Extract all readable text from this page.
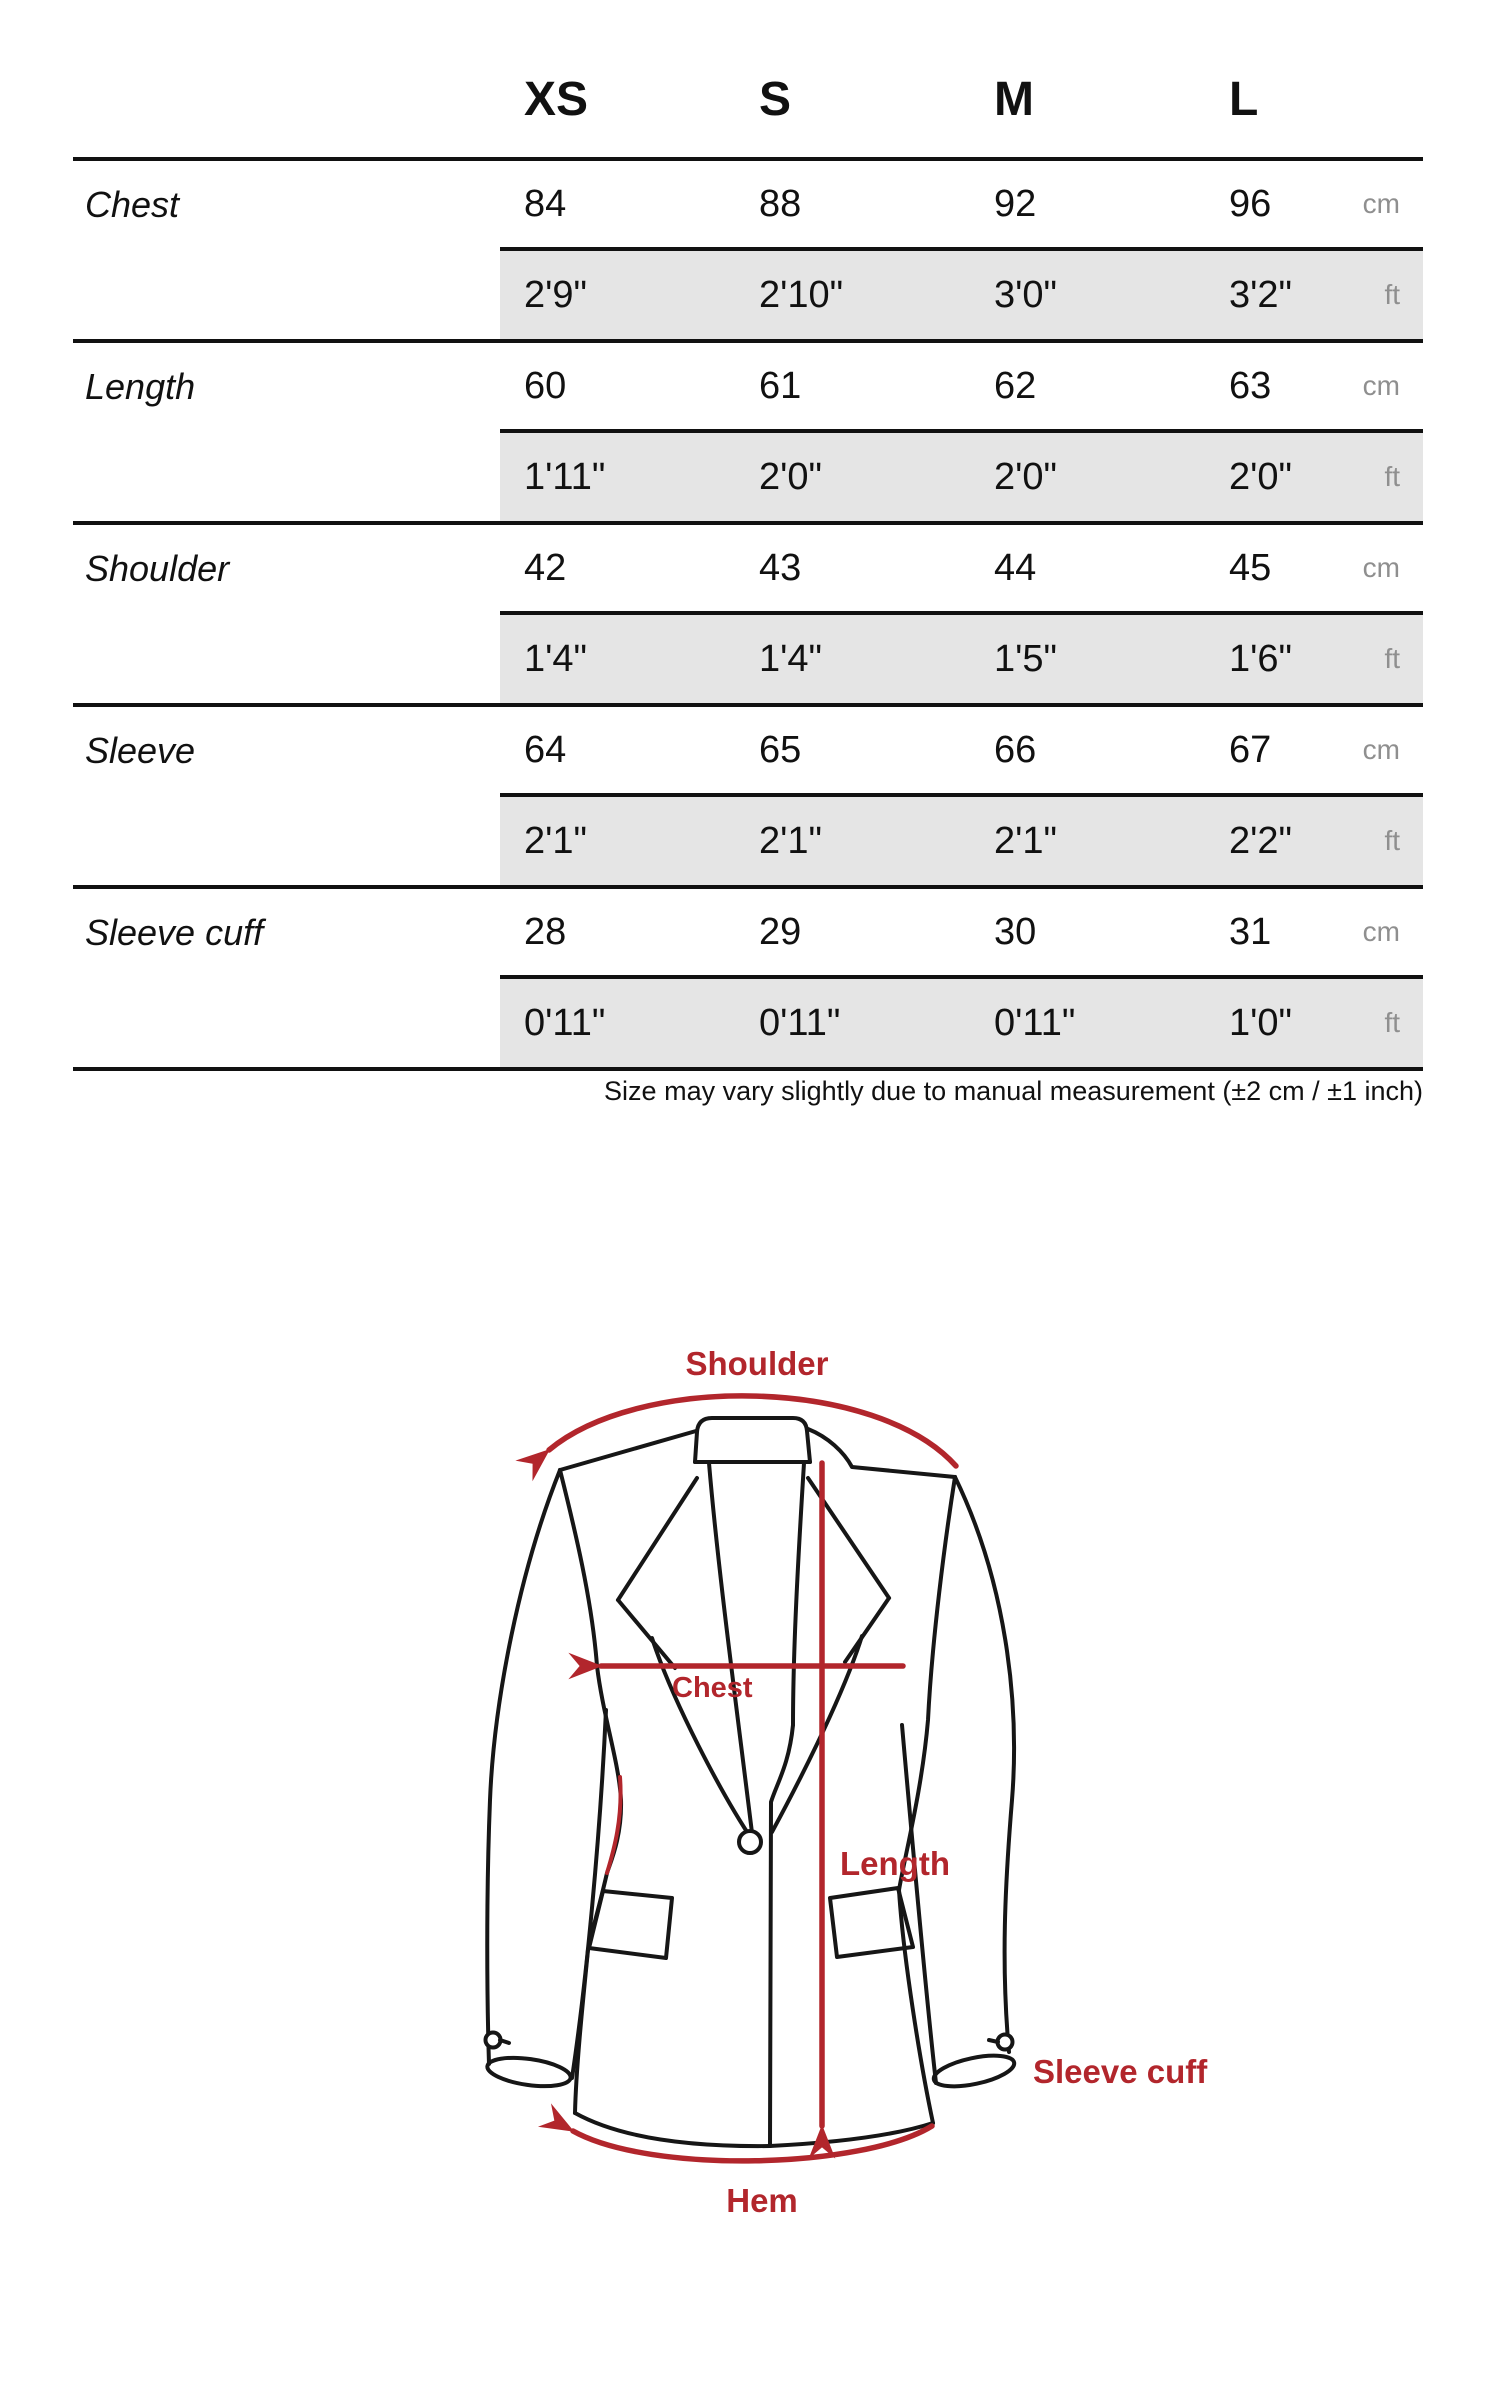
	XS	S	M	L	
Chest	84	88	92	96	cm
	2'9"	2'10"	3'0"	3'2"	ft
Length	60	61	62	63	cm
	1'11"	2'0"	2'0"	2'0"	ft
Shoulder	42	43	44	45	cm
	1'4"	1'4"	1'5"	1'6"	ft
Sleeve	64	65	66	67	cm
	2'1"	2'1"	2'1"	2'2"	ft
Sleeve cuff	28	29	30	31	cm
	0'11"	0'11"	0'11"	1'0"	ft
Size may vary slightly due to manual measurement (±2 cm / ±1 inch)
Shoulder
Chest
Length
Sleeve cuff
Hem
